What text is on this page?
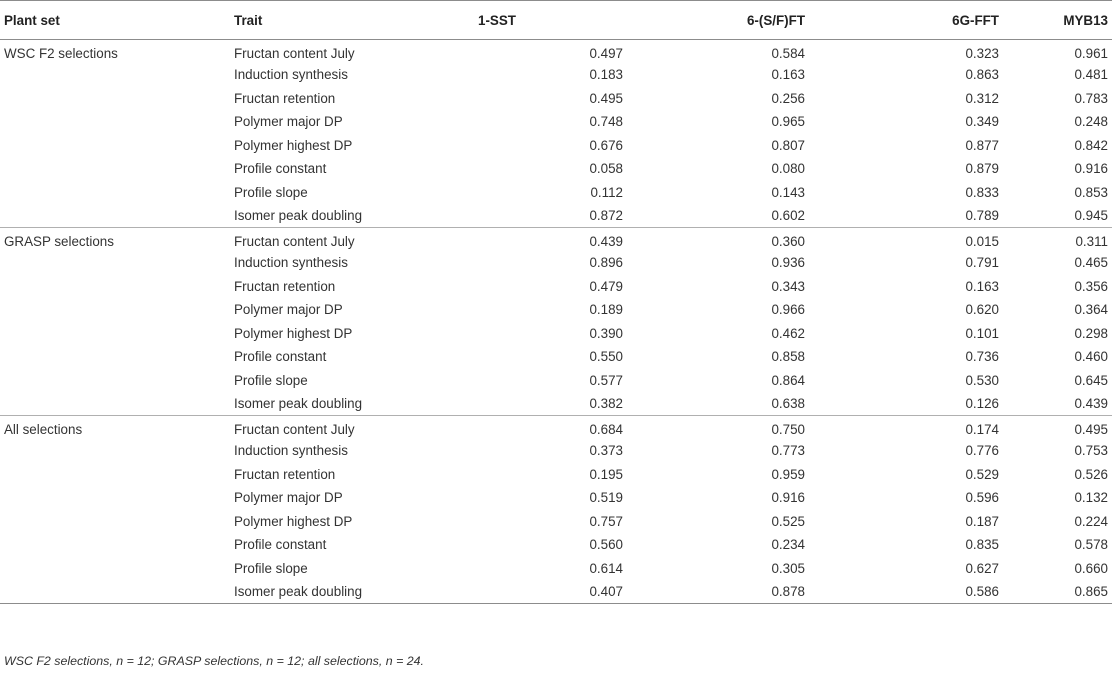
Plant set	Trait	1-SST	6-(S/F)FT	6G-FFT	MYB13
WSC F2 selections	Fructan content July	0.497	0.584	0.323	0.961
	Induction synthesis	0.183	0.163	0.863	0.481
	Fructan retention	0.495	0.256	0.312	0.783
	Polymer major DP	0.748	0.965	0.349	0.248
	Polymer highest DP	0.676	0.807	0.877	0.842
	Profile constant	0.058	0.080	0.879	0.916
	Profile slope	0.112	0.143	0.833	0.853
	Isomer peak doubling	0.872	0.602	0.789	0.945
GRASP selections	Fructan content July	0.439	0.360	0.015	0.311
	Induction synthesis	0.896	0.936	0.791	0.465
	Fructan retention	0.479	0.343	0.163	0.356
	Polymer major DP	0.189	0.966	0.620	0.364
	Polymer highest DP	0.390	0.462	0.101	0.298
	Profile constant	0.550	0.858	0.736	0.460
	Profile slope	0.577	0.864	0.530	0.645
	Isomer peak doubling	0.382	0.638	0.126	0.439
All selections	Fructan content July	0.684	0.750	0.174	0.495
	Induction synthesis	0.373	0.773	0.776	0.753
	Fructan retention	0.195	0.959	0.529	0.526
	Polymer major DP	0.519	0.916	0.596	0.132
	Polymer highest DP	0.757	0.525	0.187	0.224
	Profile constant	0.560	0.234	0.835	0.578
	Profile slope	0.614	0.305	0.627	0.660
	Isomer peak doubling	0.407	0.878	0.586	0.865
WSC F2 selections, n = 12; GRASP selections, n = 12; all selections, n = 24.
